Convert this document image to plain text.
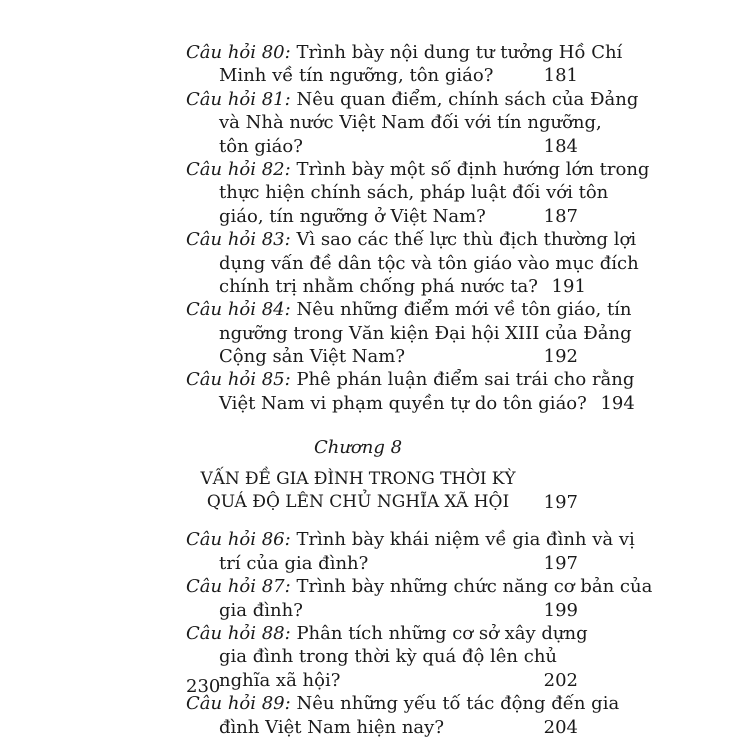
Câu hỏi 80: Trình bày nội dung tư tưởng Hồ Chí
Minh về tín ngưỡng, tôn giáo?	181
Câu hỏi 81: Nêu quan điểm, chính sách của Đảng
và Nhà nước Việt Nam đối với tín ngưỡng,
tôn giáo?	184
Câu hỏi 82: Trình bày một số định hướng lớn trong
thực hiện chính sách, pháp luật đối với tôn
giáo, tín ngưỡng ở Việt Nam?	187
Câu hỏi 83: Vì sao các thế lực thù địch thường lợi
dụng vấn đề dân tộc và tôn giáo vào mục đích
chính trị nhằm chống phá nước ta? 191
Câu hỏi 84: Nêu những điểm mới về tôn giáo, tín
ngưỡng trong Văn kiện Đại hội XIII của Đảng
Cộng sản Việt Nam?	192
Câu hỏi 85: Phê phán luận điểm sai trái cho rằng
Việt Nam vi phạm quyền tự do tôn giáo? 194
Chương 8
VẤN ĐỀ GIA ĐÌNH TRONG THỜI KỲ
QUÁ ĐỘ LÊN CHỦ NGHĨA XÃ HỘI	197
Câu hỏi 86: Trình bày khái niệm về gia đình và vị
trí của gia đình?	197
Câu hỏi 87: Trình bày những chức năng cơ bản của
gia đình?	199
Câu hỏi 88: Phân tích những cơ sở xây dựng
gia đình trong thời kỳ quá độ lên chủ
nghĩa xã hội?	202
Câu hỏi 89: Nêu những yếu tố tác động đến gia
đình Việt Nam hiện nay?	204
230
